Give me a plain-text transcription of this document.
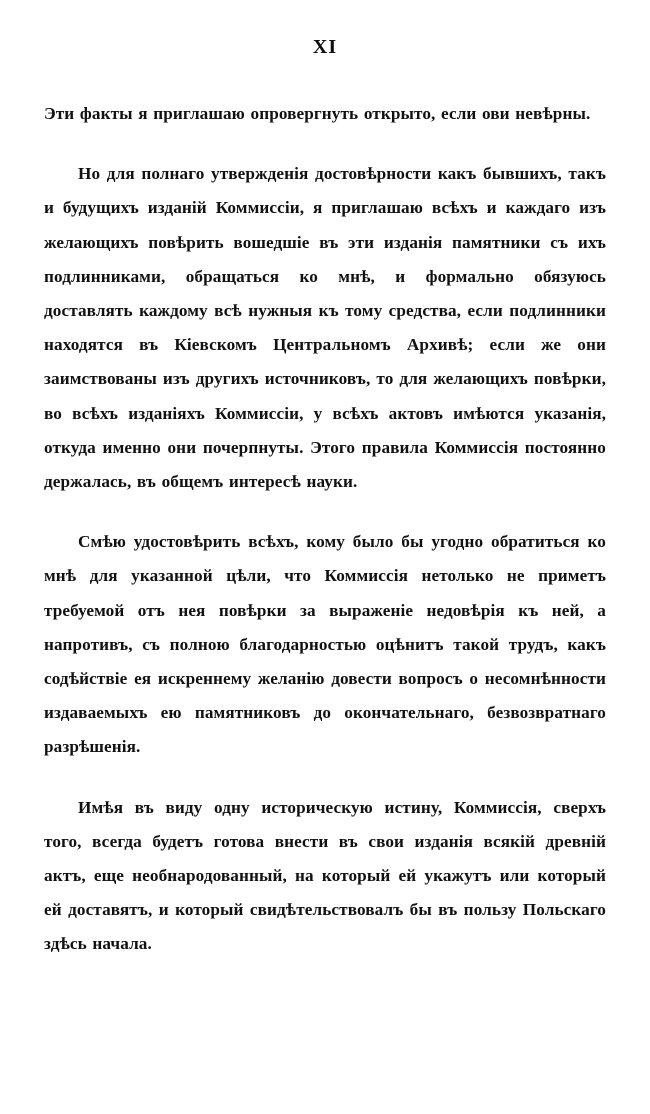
XI

Эти факты я приглашаю опровергнуть открыто, если ови невѣрны.

Но для полнаго утвержденія достовѣрности какъ бывшихъ, такъ и будущихъ изданій Коммиссіи, я приглашаю всѣхъ и каждаго изъ желающихъ повѣрить вошедшіе въ эти изданія памятники съ ихъ подлинниками, обращаться ко мнѣ, и формально обязуюсь доставлять каждому всѣ нужныя къ тому средства, если подлинники находятся въ Кіевскомъ Центральномъ Архивѣ; если же они заимствованы изъ другихъ источниковъ, то для желающихъ повѣрки, во всѣхъ изданіяхъ Коммиссіи, у всѣхъ актовъ имѣются указанія, откуда именно они почерпнуты. Этого правила Коммиссія постоянно держалась, въ общемъ интересѣ науки.

Смѣю удостовѣрить всѣхъ, кому было бы угодно обратиться ко мнѣ для указанной цѣли, что Коммиссія нетолько не приметъ требуемой отъ нея повѣрки за выраженіе недовѣрія къ ней, а напротивъ, съ полною благодарностью оцѣнитъ такой трудъ, какъ содѣйствіе ея искреннему желанію довести вопросъ о несомнѣнности издаваемыхъ ею памятниковъ до окончательнаго, безвозвратнаго разрѣшенія.

Имѣя въ виду одну историческую истину, Коммиссія, сверхъ того, всегда будетъ готова внести въ свои изданія всякій древній актъ, еще необнародованный, на который ей укажутъ или который ей доставятъ, и который свидѣтельствовалъ бы въ пользу Польскаго здѣсь начала.
